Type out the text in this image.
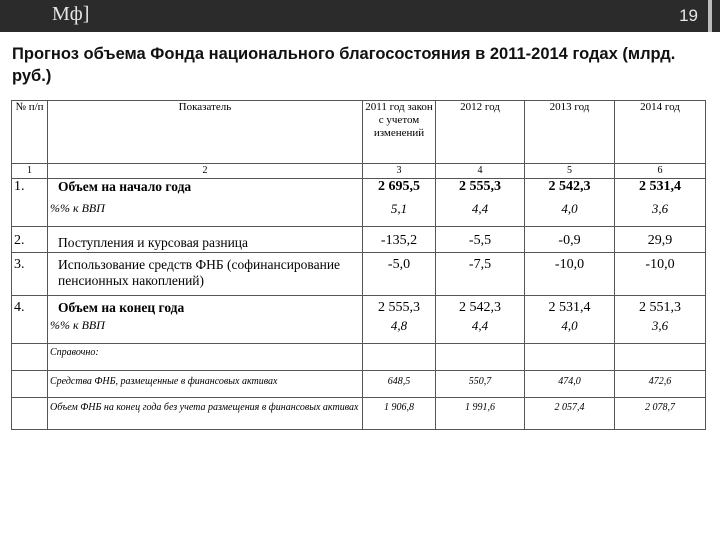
Мф]	19
Прогноз объема Фонда национального благосостояния в 2011-2014 годах (млрд. руб.)
№ п/п	Показатель	2011 год закон с учетом изменений	2012 год	2013 год	2014 год
1	2	3	4	5	6
1.	Объем на начало года	2 695,5	2 555,3	2 542,3	2 531,4
	%% к ВВП	5,1	4,4	4,0	3,6
2.	Поступления и курсовая разница	-135,2	-5,5	-0,9	29,9
3.	Использование средств ФНБ (софинансирование пенсионных накоплений)	-5,0	-7,5	-10,0	-10,0
4.	Объем на конец года	2 555,3	2 542,3	2 531,4	2 551,3
	%% к ВВП	4,8	4,4	4,0	3,6
	Справочно:				
	Средства ФНБ, размещенные в финансовых активах	648,5	550,7	474,0	472,6
	Объем ФНБ на конец года без учета размещения в финансовых активах	1 906,8	1 991,6	2 057,4	2 078,7
